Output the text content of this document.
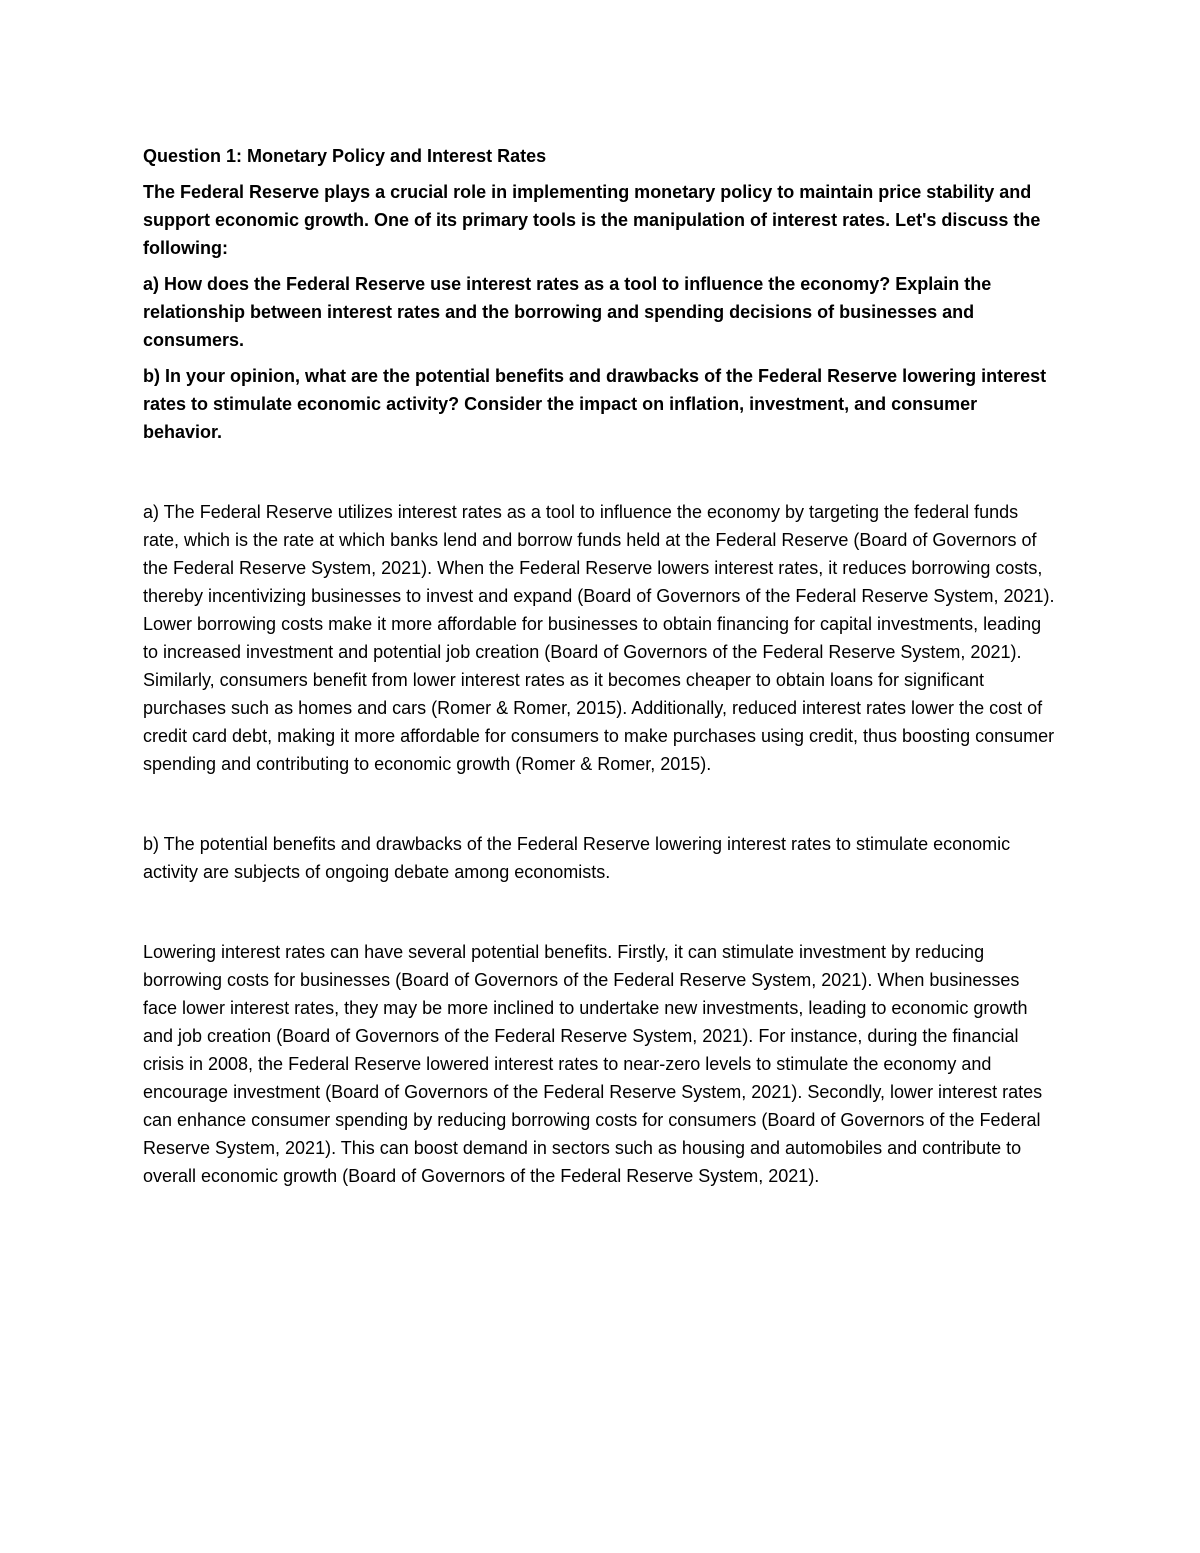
Question 1: Monetary Policy and Interest Rates

The Federal Reserve plays a crucial role in implementing monetary policy to maintain price stability and support economic growth. One of its primary tools is the manipulation of interest rates. Let's discuss the following:

a) How does the Federal Reserve use interest rates as a tool to influence the economy? Explain the relationship between interest rates and the borrowing and spending decisions of businesses and consumers.

b) In your opinion, what are the potential benefits and drawbacks of the Federal Reserve lowering interest rates to stimulate economic activity? Consider the impact on inflation, investment, and consumer behavior.

a) The Federal Reserve utilizes interest rates as a tool to influence the economy by targeting the federal funds rate, which is the rate at which banks lend and borrow funds held at the Federal Reserve (Board of Governors of the Federal Reserve System, 2021). When the Federal Reserve lowers interest rates, it reduces borrowing costs, thereby incentivizing businesses to invest and expand (Board of Governors of the Federal Reserve System, 2021). Lower borrowing costs make it more affordable for businesses to obtain financing for capital investments, leading to increased investment and potential job creation (Board of Governors of the Federal Reserve System, 2021). Similarly, consumers benefit from lower interest rates as it becomes cheaper to obtain loans for significant purchases such as homes and cars (Romer & Romer, 2015). Additionally, reduced interest rates lower the cost of credit card debt, making it more affordable for consumers to make purchases using credit, thus boosting consumer spending and contributing to economic growth (Romer & Romer, 2015).

b) The potential benefits and drawbacks of the Federal Reserve lowering interest rates to stimulate economic activity are subjects of ongoing debate among economists.

Lowering interest rates can have several potential benefits. Firstly, it can stimulate investment by reducing borrowing costs for businesses (Board of Governors of the Federal Reserve System, 2021). When businesses face lower interest rates, they may be more inclined to undertake new investments, leading to economic growth and job creation (Board of Governors of the Federal Reserve System, 2021). For instance, during the financial crisis in 2008, the Federal Reserve lowered interest rates to near-zero levels to stimulate the economy and encourage investment (Board of Governors of the Federal Reserve System, 2021). Secondly, lower interest rates can enhance consumer spending by reducing borrowing costs for consumers (Board of Governors of the Federal Reserve System, 2021). This can boost demand in sectors such as housing and automobiles and contribute to overall economic growth (Board of Governors of the Federal Reserve System, 2021).
